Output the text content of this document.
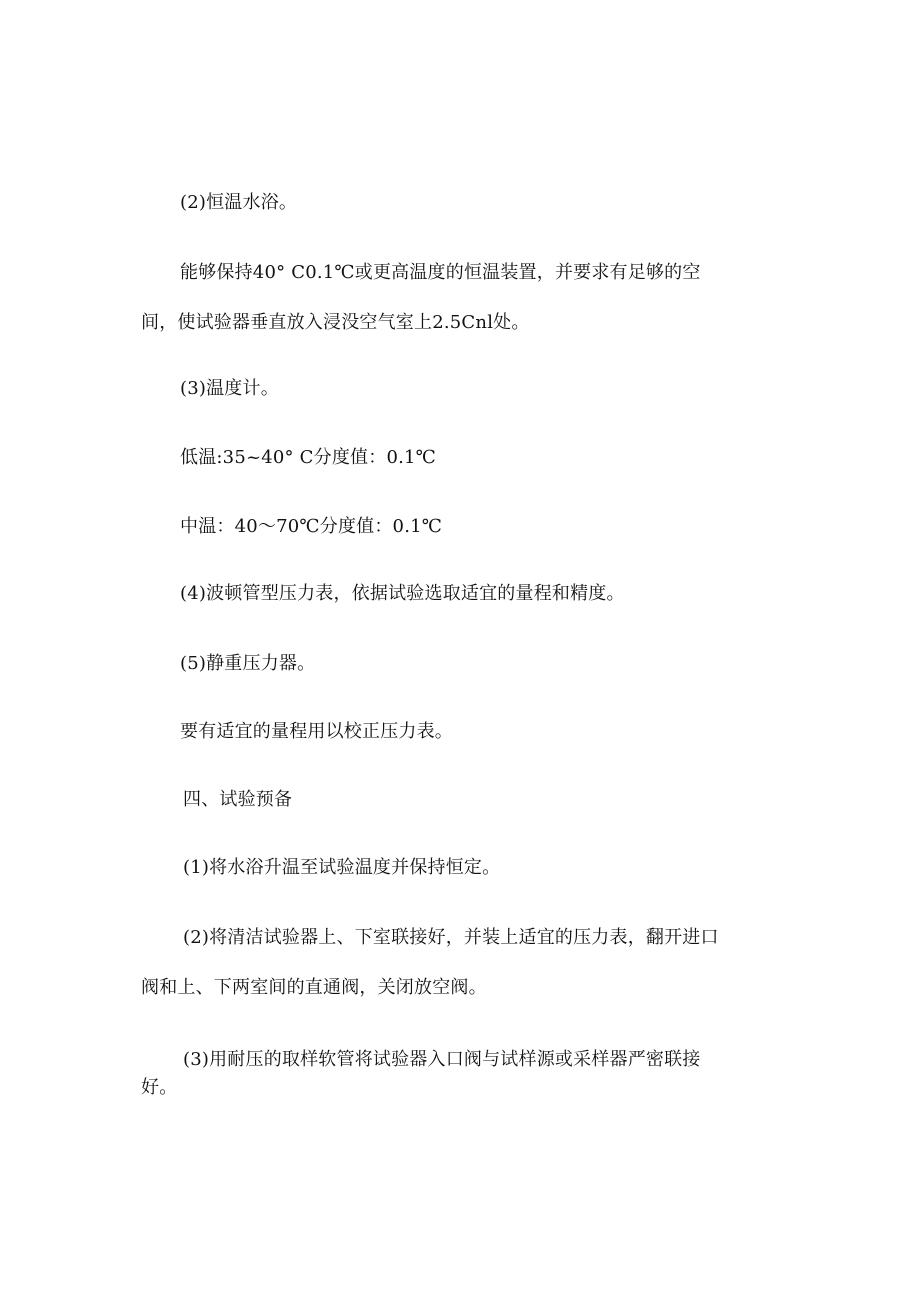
(2)恒温水浴。
能够保持40° C0.1℃或更高温度的恒温装置，并要求有足够的空
间，使试验器垂直放入浸没空气室上2.5Cnl处。
(3)温度计。
低温:35~40° C分度值：0.1℃
中温：40～70℃分度值：0.1℃
(4)波顿管型压力表，依据试验选取适宜的量程和精度。
(5)静重压力器。
要有适宜的量程用以校正压力表。
四、试验预备
(1)将水浴升温至试验温度并保持恒定。
(2)将清洁试验器上、下室联接好，并装上适宜的压力表，翻开进口
阀和上、下两室间的直通阀，关闭放空阀。
(3)用耐压的取样软管将试验器入口阀与试样源或采样器严密联接
好。
